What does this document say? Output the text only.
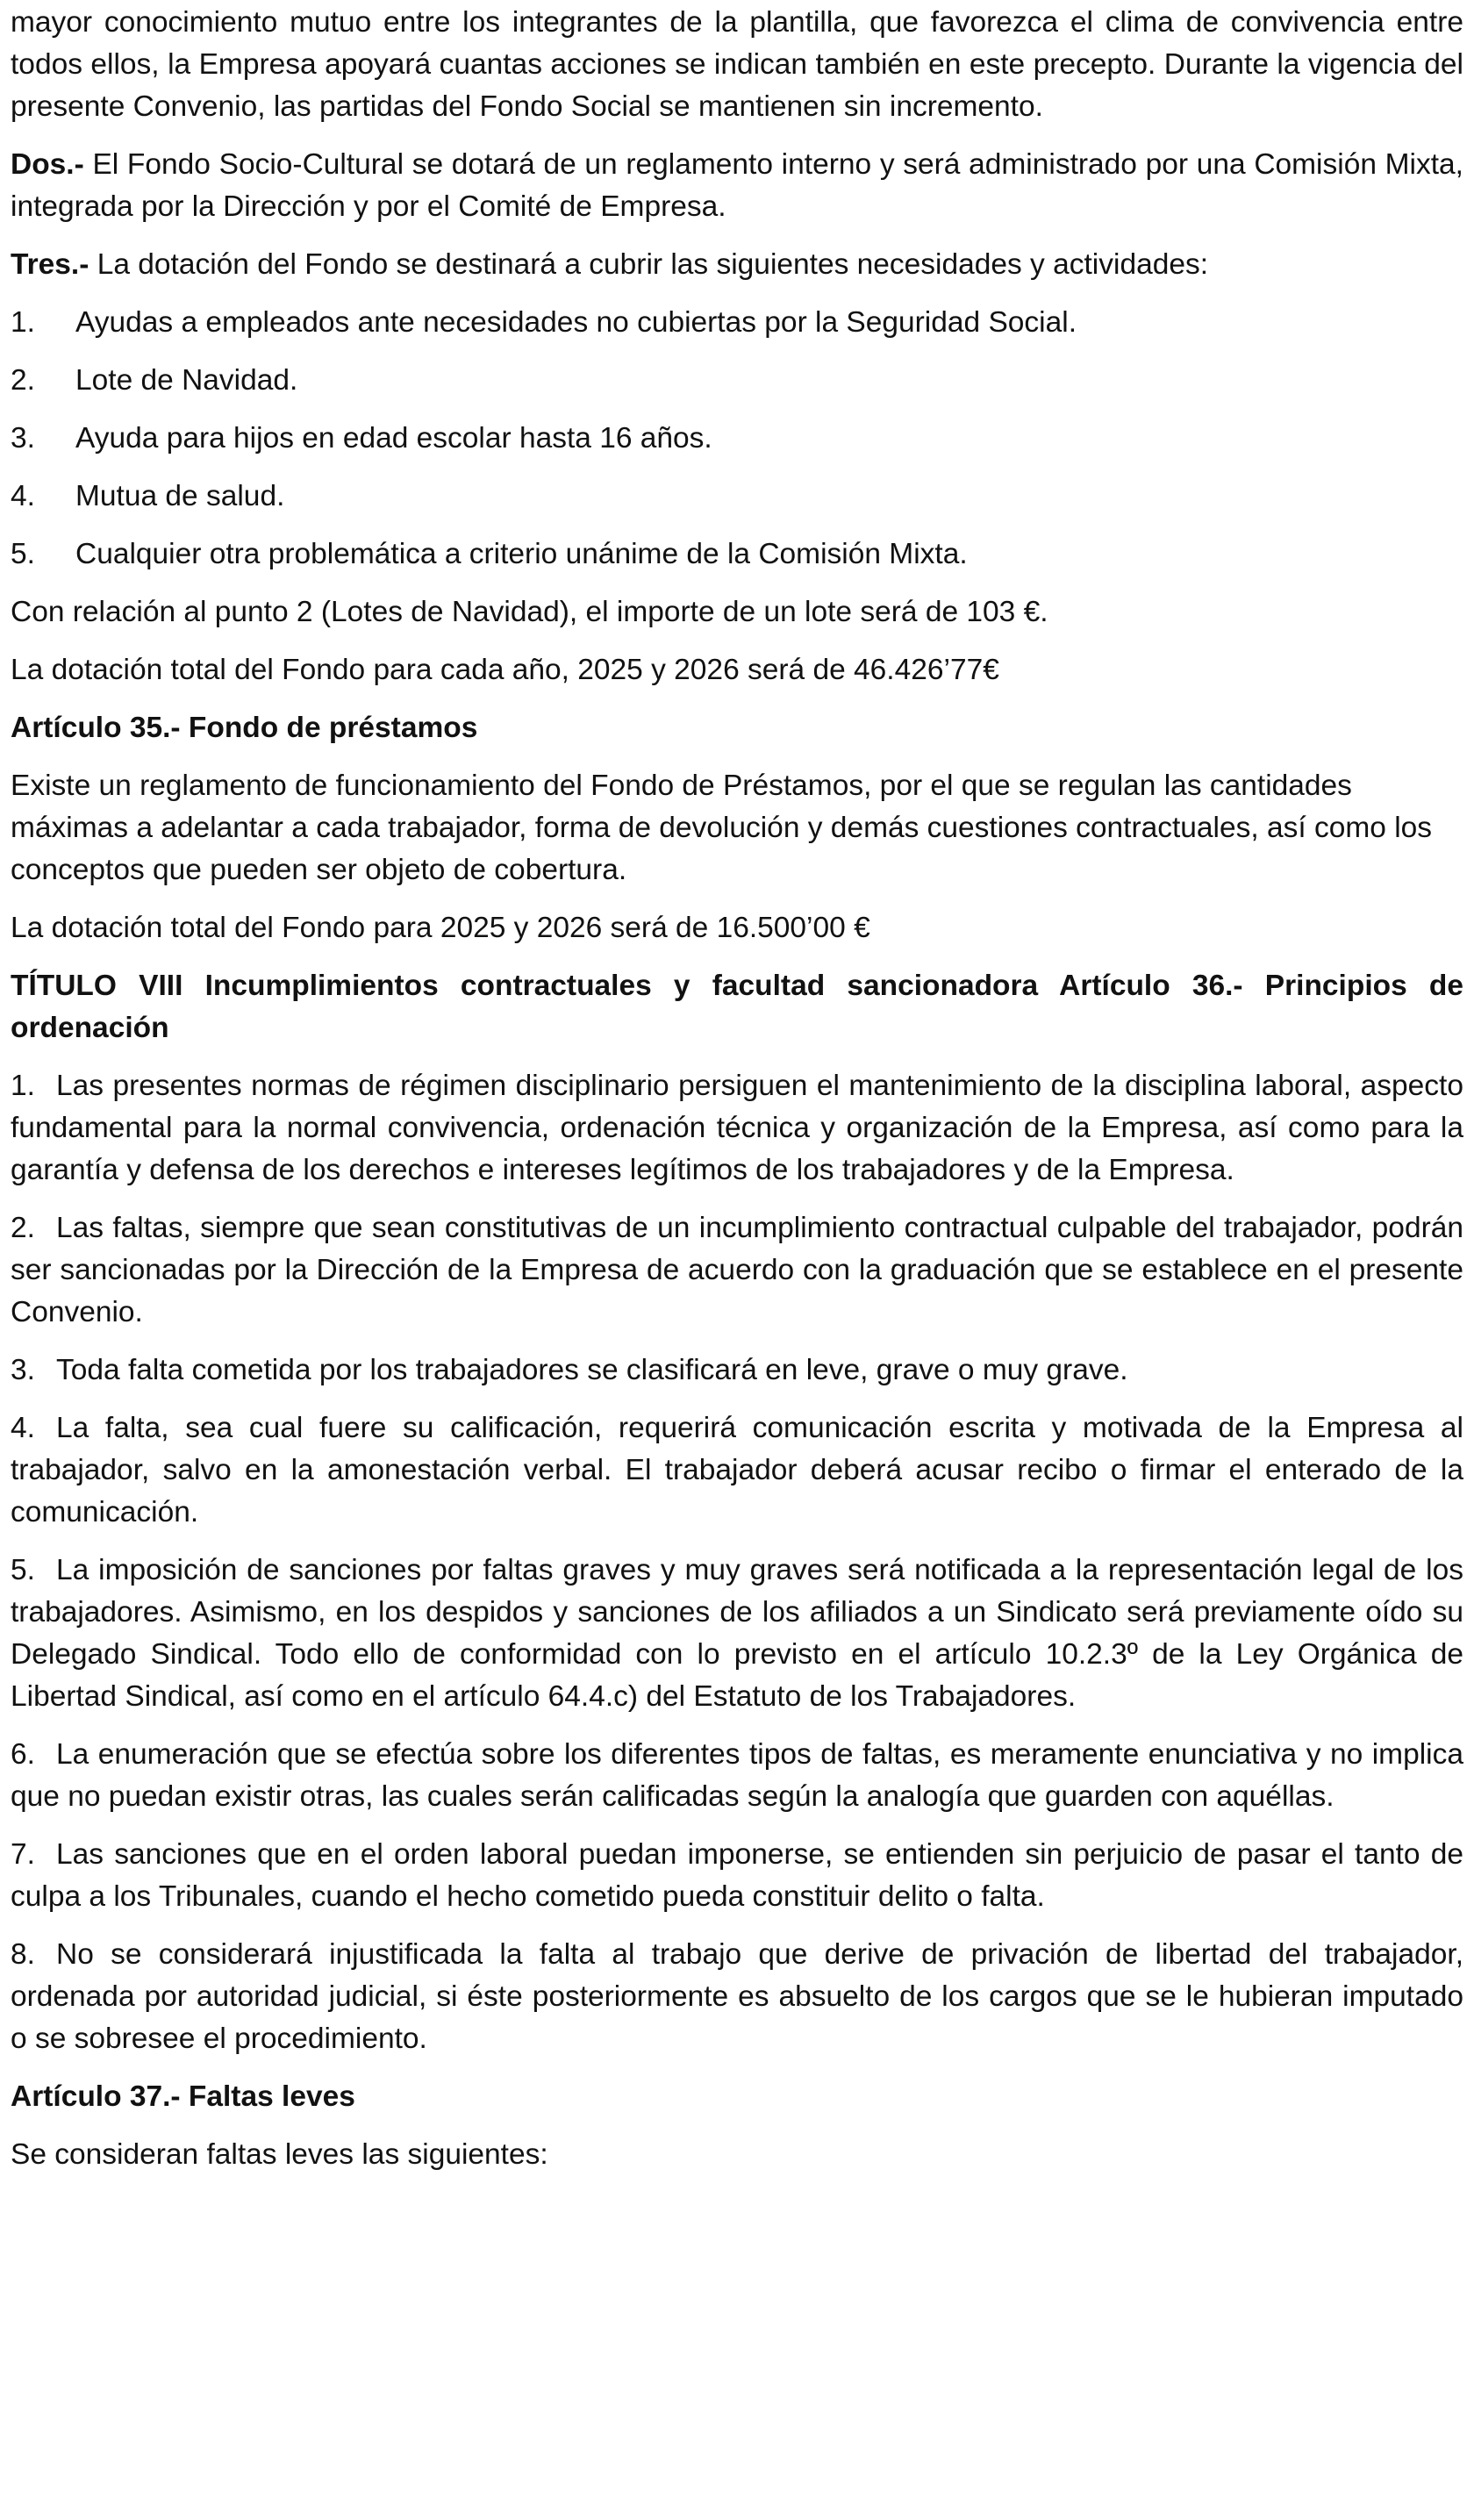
mayor conocimiento mutuo entre los integrantes de la plantilla, que favorezca el clima de convivencia entre todos ellos, la Empresa apoyará cuantas acciones se indican también en este precepto. Durante la vigencia del presente Convenio, las partidas del Fondo Social se mantienen sin incremento.

Dos.- El Fondo Socio-Cultural se dotará de un reglamento interno y será administrado por una Comisión Mixta, integrada por la Dirección y por el Comité de Empresa.

Tres.- La dotación del Fondo se destinará a cubrir las siguientes necesidades y actividades:

1.	Ayudas a empleados ante necesidades no cubiertas por la Seguridad Social.
2.	Lote de Navidad.
3.	Ayuda para hijos en edad escolar hasta 16 años.
4.	Mutua de salud.
5.	Cualquier otra problemática a criterio unánime de la Comisión Mixta.

Con relación al punto 2 (Lotes de Navidad), el importe de un lote será de 103 €.

La dotación total del Fondo para cada año, 2025 y 2026 será de 46.426’77€

Artículo 35.- Fondo de préstamos

Existe un reglamento de funcionamiento del Fondo de Préstamos, por el que se regulan las cantidades máximas a adelantar a cada trabajador, forma de devolución y demás cuestiones contractuales, así como los conceptos que pueden ser objeto de cobertura.

La dotación total del Fondo para 2025 y 2026 será de 16.500’00 €

TÍTULO VIII Incumplimientos contractuales y facultad sancionadora Artículo 36.- Principios de ordenación

1. Las presentes normas de régimen disciplinario persiguen el mantenimiento de la disciplina laboral, aspecto fundamental para la normal convivencia, ordenación técnica y organización de la Empresa, así como para la garantía y defensa de los derechos e intereses legítimos de los trabajadores y de la Empresa.

2. Las faltas, siempre que sean constitutivas de un incumplimiento contractual culpable del trabajador, podrán ser sancionadas por la Dirección de la Empresa de acuerdo con la graduación que se establece en el presente Convenio.

3. Toda falta cometida por los trabajadores se clasificará en leve, grave o muy grave.

4. La falta, sea cual fuere su calificación, requerirá comunicación escrita y motivada de la Empresa al trabajador, salvo en la amonestación verbal. El trabajador deberá acusar recibo o firmar el enterado de la comunicación.

5. La imposición de sanciones por faltas graves y muy graves será notificada a la representación legal de los trabajadores. Asimismo, en los despidos y sanciones de los afiliados a un Sindicato será previamente oído su Delegado Sindical. Todo ello de conformidad con lo previsto en el artículo 10.2.3º de la Ley Orgánica de Libertad Sindical, así como en el artículo 64.4.c) del Estatuto de los Trabajadores.

6. La enumeración que se efectúa sobre los diferentes tipos de faltas, es meramente enunciativa y no implica que no puedan existir otras, las cuales serán calificadas según la analogía que guarden con aquéllas.

7. Las sanciones que en el orden laboral puedan imponerse, se entienden sin perjuicio de pasar el tanto de culpa a los Tribunales, cuando el hecho cometido pueda constituir delito o falta.

8. No se considerará injustificada la falta al trabajo que derive de privación de libertad del trabajador, ordenada por autoridad judicial, si éste posteriormente es absuelto de los cargos que se le hubieran imputado o se sobresee el procedimiento.

Artículo 37.- Faltas leves

Se consideran faltas leves las siguientes:
